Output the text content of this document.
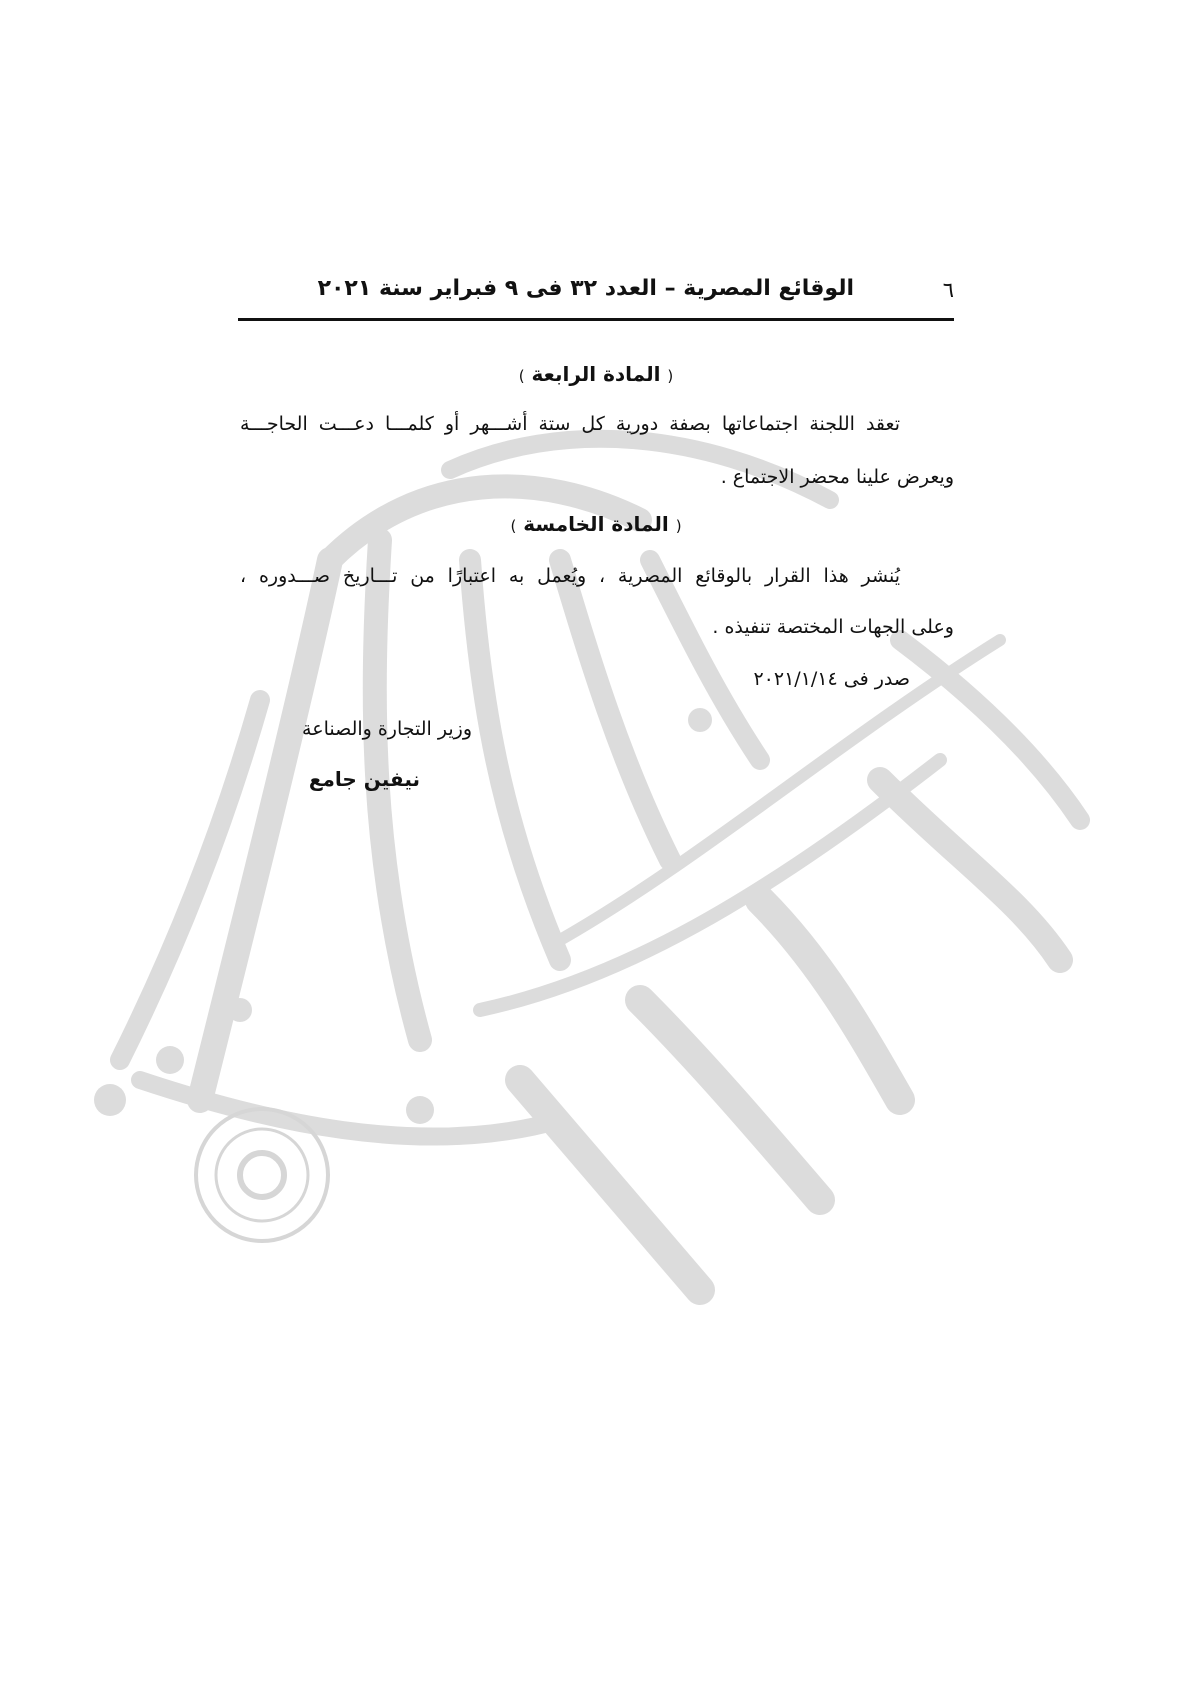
٦
الوقائع المصرية – العدد ٣٢ فى ٩ فبراير سنة ٢٠٢١
( المادة الرابعة )
تعقد اللجنة اجتماعاتها بصفة دورية كل ستة أشـــهر أو كلمـــا دعـــت الحاجـــة
ويعرض علينا محضر الاجتماع .
( المادة الخامسة )
يُنشر هذا القرار بالوقائع المصرية ، ويُعمل به اعتبارًا من تـــاريخ صـــدوره ،
وعلى الجهات المختصة تنفيذه .
صدر فى ٢٠٢١/١/١٤
وزير التجارة والصناعة
نيفين جامع
